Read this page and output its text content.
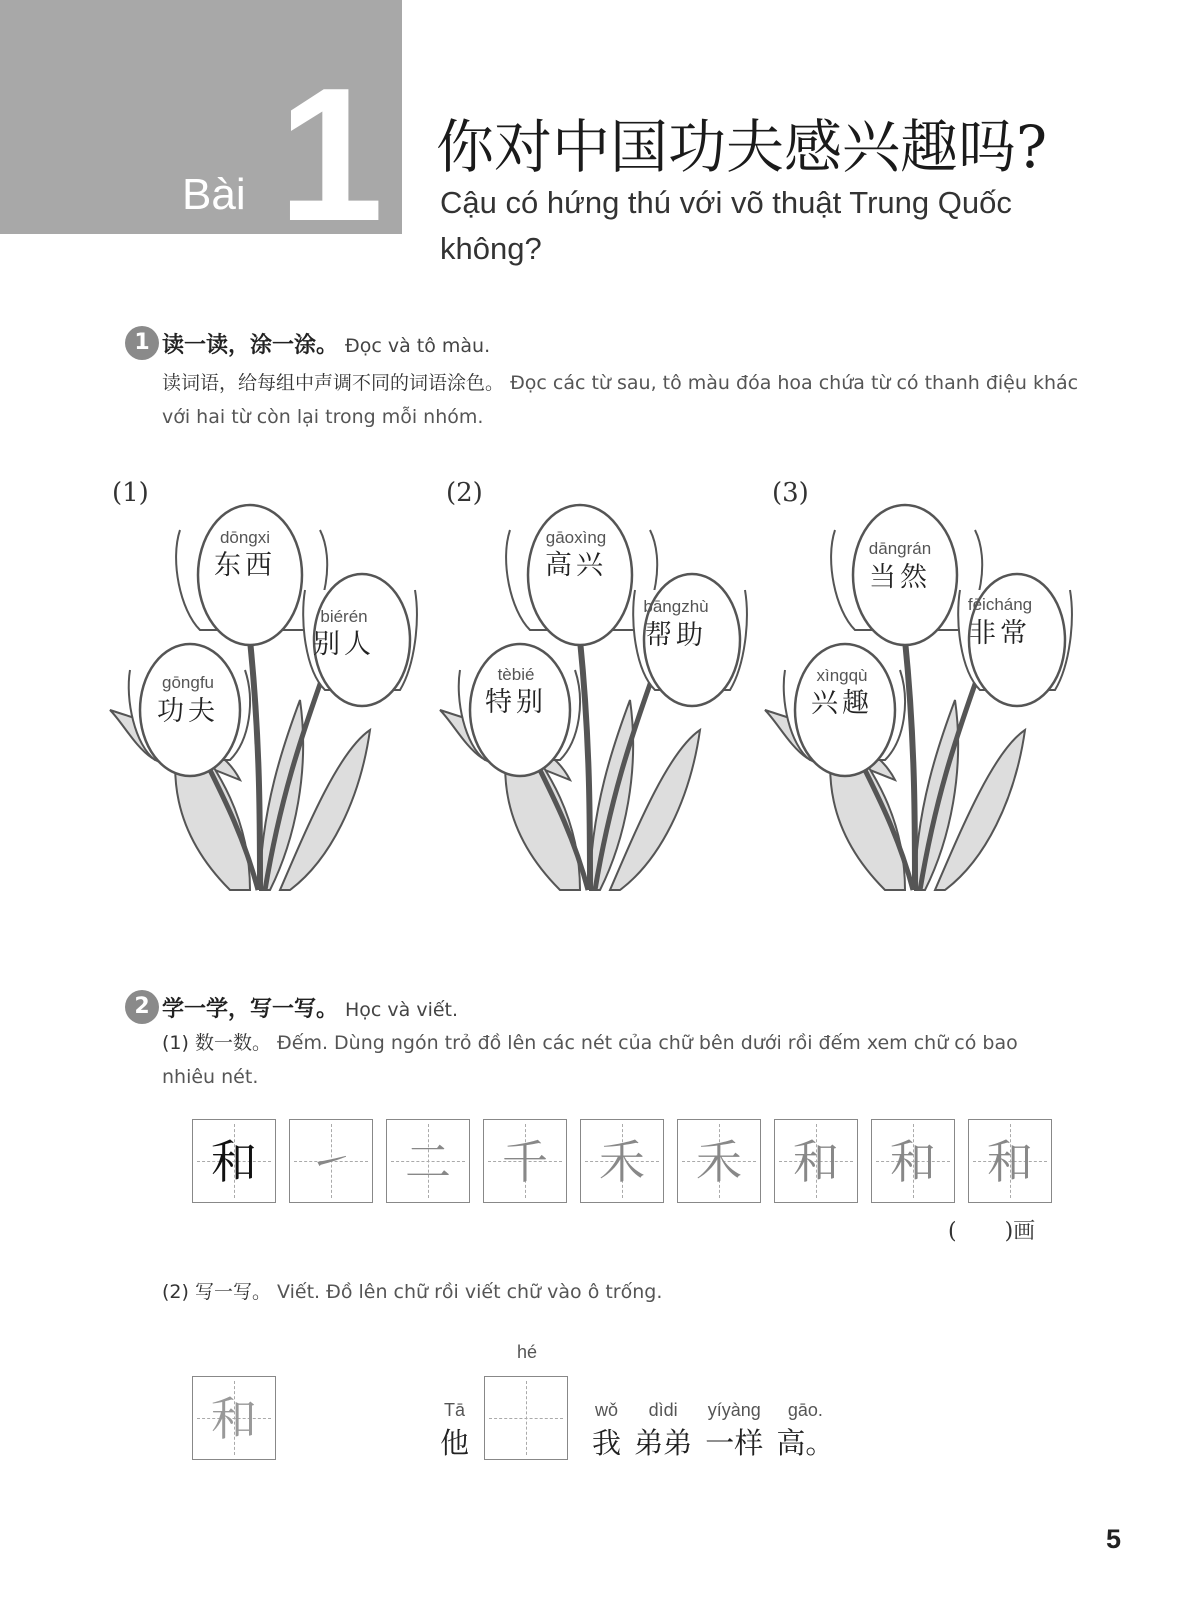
Bài 1 你对中国功夫感兴趣吗?
Cậu có hứng thú với võ thuật Trung Quốc không?
1 读一读，涂一涂。 Đọc và tô màu.
读词语，给每组中声调不同的词语涂色。 Đọc các từ sau, tô màu đóa hoa chứa từ có thanh điệu khác với hai từ còn lại trong mỗi nhóm.
(1)	(2)	(3)
dōngxi
东西
biérén
别人
gōngfu
功夫
gāoxìng
高兴
bāngzhù
帮助
tèbié
特别
dāngrán
当然
fēicháng
非常
xìngqù
兴趣
2 学一学，写一写。 Học và viết.
(1) 数一数。 Đếm. Dùng ngón trỏ đồ lên các nét của chữ bên dưới rồi đếm xem chữ có bao nhiêu nét.
和	㇀	二	千	禾	禾	和	和	和
( )画
(2) 写一写。 Viết. Đồ lên chữ rồi viết chữ vào ô trống.
和	Tā
他
hé
wǒ
我

dìdi
弟弟

yíyàng
一样

gāo.
高。
5
